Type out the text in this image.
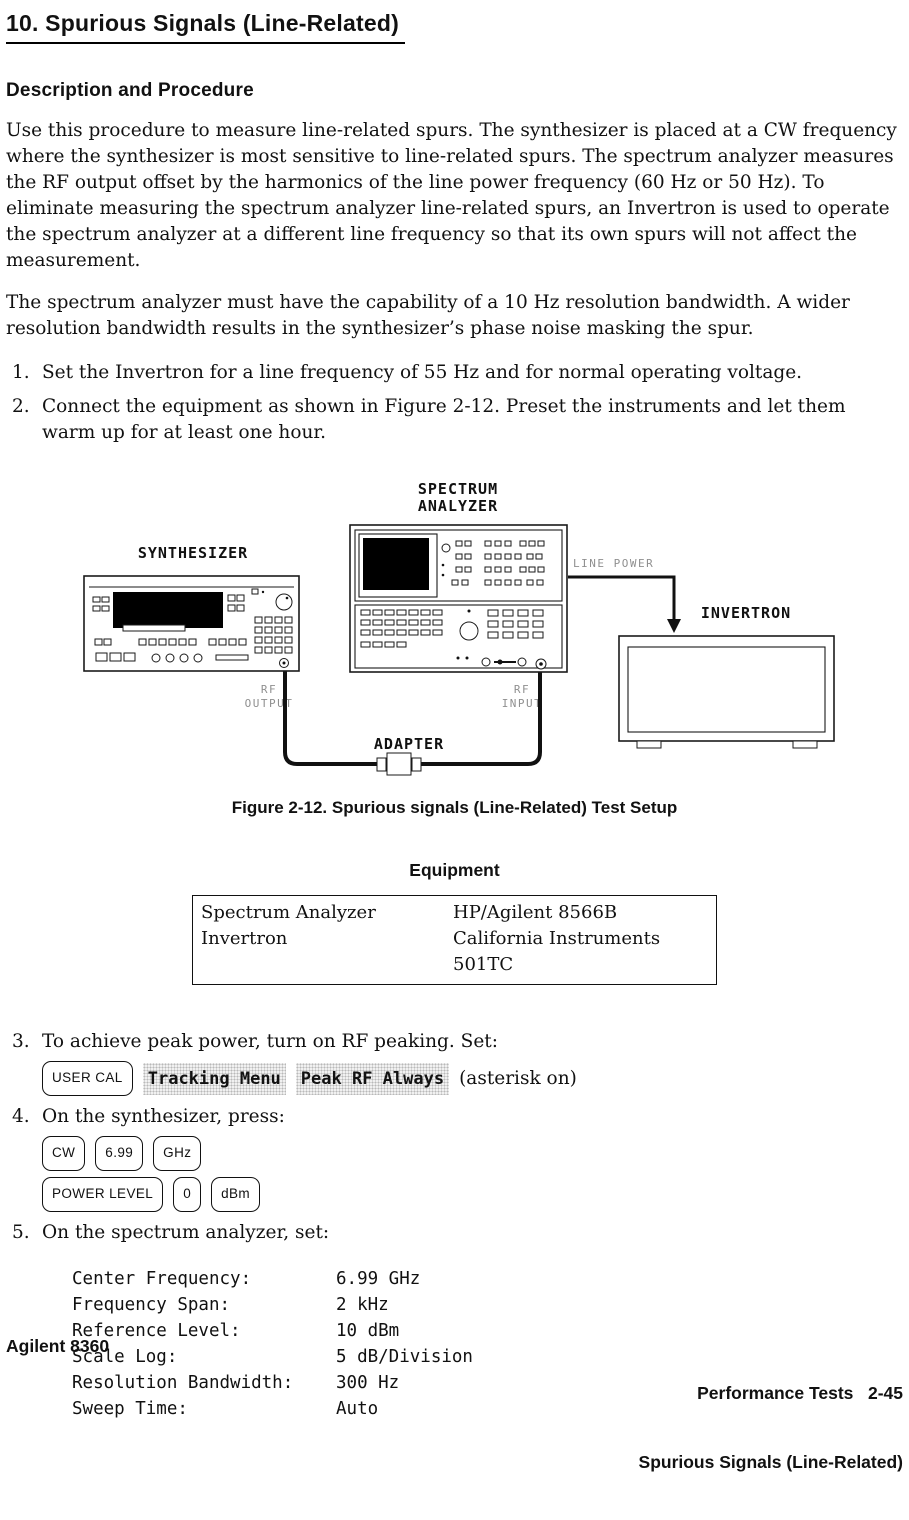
10. Spurious Signals (Line-Related)
Description and Procedure

Use this procedure to measure line-related spurs. The synthesizer is placed at a CW frequency where the synthesizer is most sensitive to line-related spurs. The spectrum analyzer measures the RF output offset by the harmonics of the line power frequency (60 Hz or 50 Hz). To eliminate measuring the spectrum analyzer line-related spurs, an Invertron is used to operate the spectrum analyzer at a different line frequency so that its own spurs will not affect the measurement.

The spectrum analyzer must have the capability of a 10 Hz resolution bandwidth. A wider resolution bandwidth results in the synthesizer’s phase noise masking the spur.

1. Set the Invertron for a line frequency of 55 Hz and for normal operating voltage.
2. Connect the equipment as shown in Figure 2-12. Preset the instruments and let them warm up for at least one hour.
SYNTHESIZER
SPECTRUM
ANALYZER
INVERTRON
ADAPTER
LINE POWER
RF
OUTPUT
RF
INPUT
Figure 2-12. Spurious signals (Line-Related) Test Setup
Equipment
Spectrum Analyzer	HP/Agilent 8566B
Invertron	California Instruments 501TC
3. To achieve peak power, turn on RF peaking. Set:
USER CAL	Tracking Menu Peak RF Always (asterisk on)
4. On the synthesizer, press:
CW	6.99	GHz
POWER LEVEL	0	dBm
5. On the spectrum analyzer, set:
Center Frequency:	6.99 GHz
Frequency Span:	2 kHz
Reference Level:	10 dBm
Scale Log:	5 dB/Division
Resolution Bandwidth:	300 Hz
Sweep Time:	Auto
Agilent 8360

Performance Tests   2-45

Spurious Signals (Line-Related)
